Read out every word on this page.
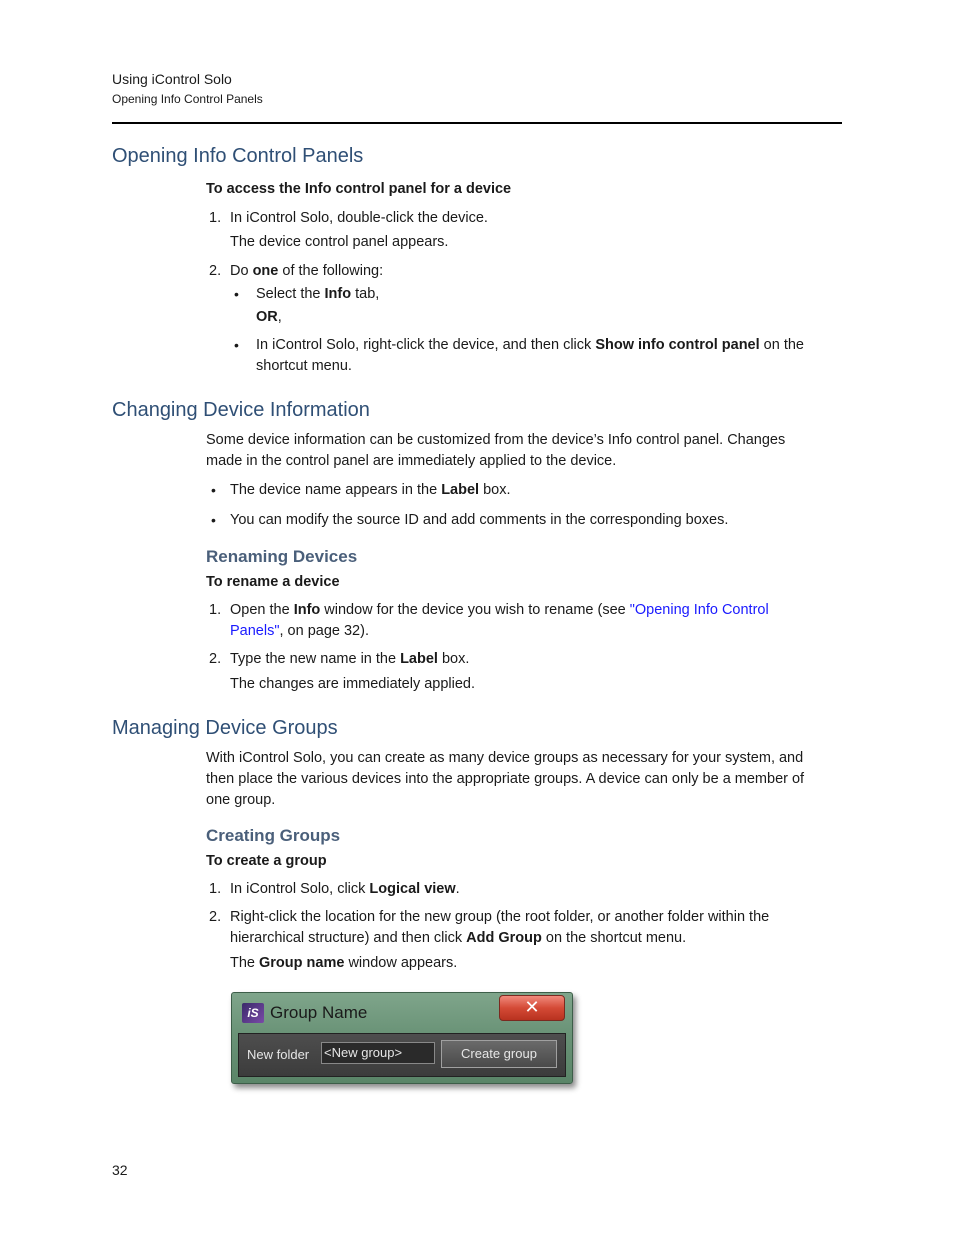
Using iControl Solo
Opening Info Control Panels
Opening Info Control Panels
To access the Info control panel for a device
1. In iControl Solo, double-click the device.
The device control panel appears.
2. Do one of the following:
• Select the Info tab,
OR,
• In iControl Solo, right-click the device, and then click Show info control panel on the
shortcut menu.
Changing Device Information
Some device information can be customized from the device’s Info control panel. Changes
made in the control panel are immediately applied to the device.
• The device name appears in the Label box.
• You can modify the source ID and add comments in the corresponding boxes.
Renaming Devices
To rename a device
1. Open the Info window for the device you wish to rename (see "Opening Info Control
Panels", on page 32).
2. Type the new name in the Label box.
The changes are immediately applied.
Managing Device Groups
With iControl Solo, you can create as many device groups as necessary for your system, and
then place the various devices into the appropriate groups. A device can only be a member of
one group.
Creating Groups
To create a group
1. In iControl Solo, click Logical view.
2. Right-click the location for the new group (the root folder, or another folder within the
hierarchical structure) and then click Add Group on the shortcut menu.
The Group name window appears.
iS Group Name	✕
New folder <New group>	Create group
32
